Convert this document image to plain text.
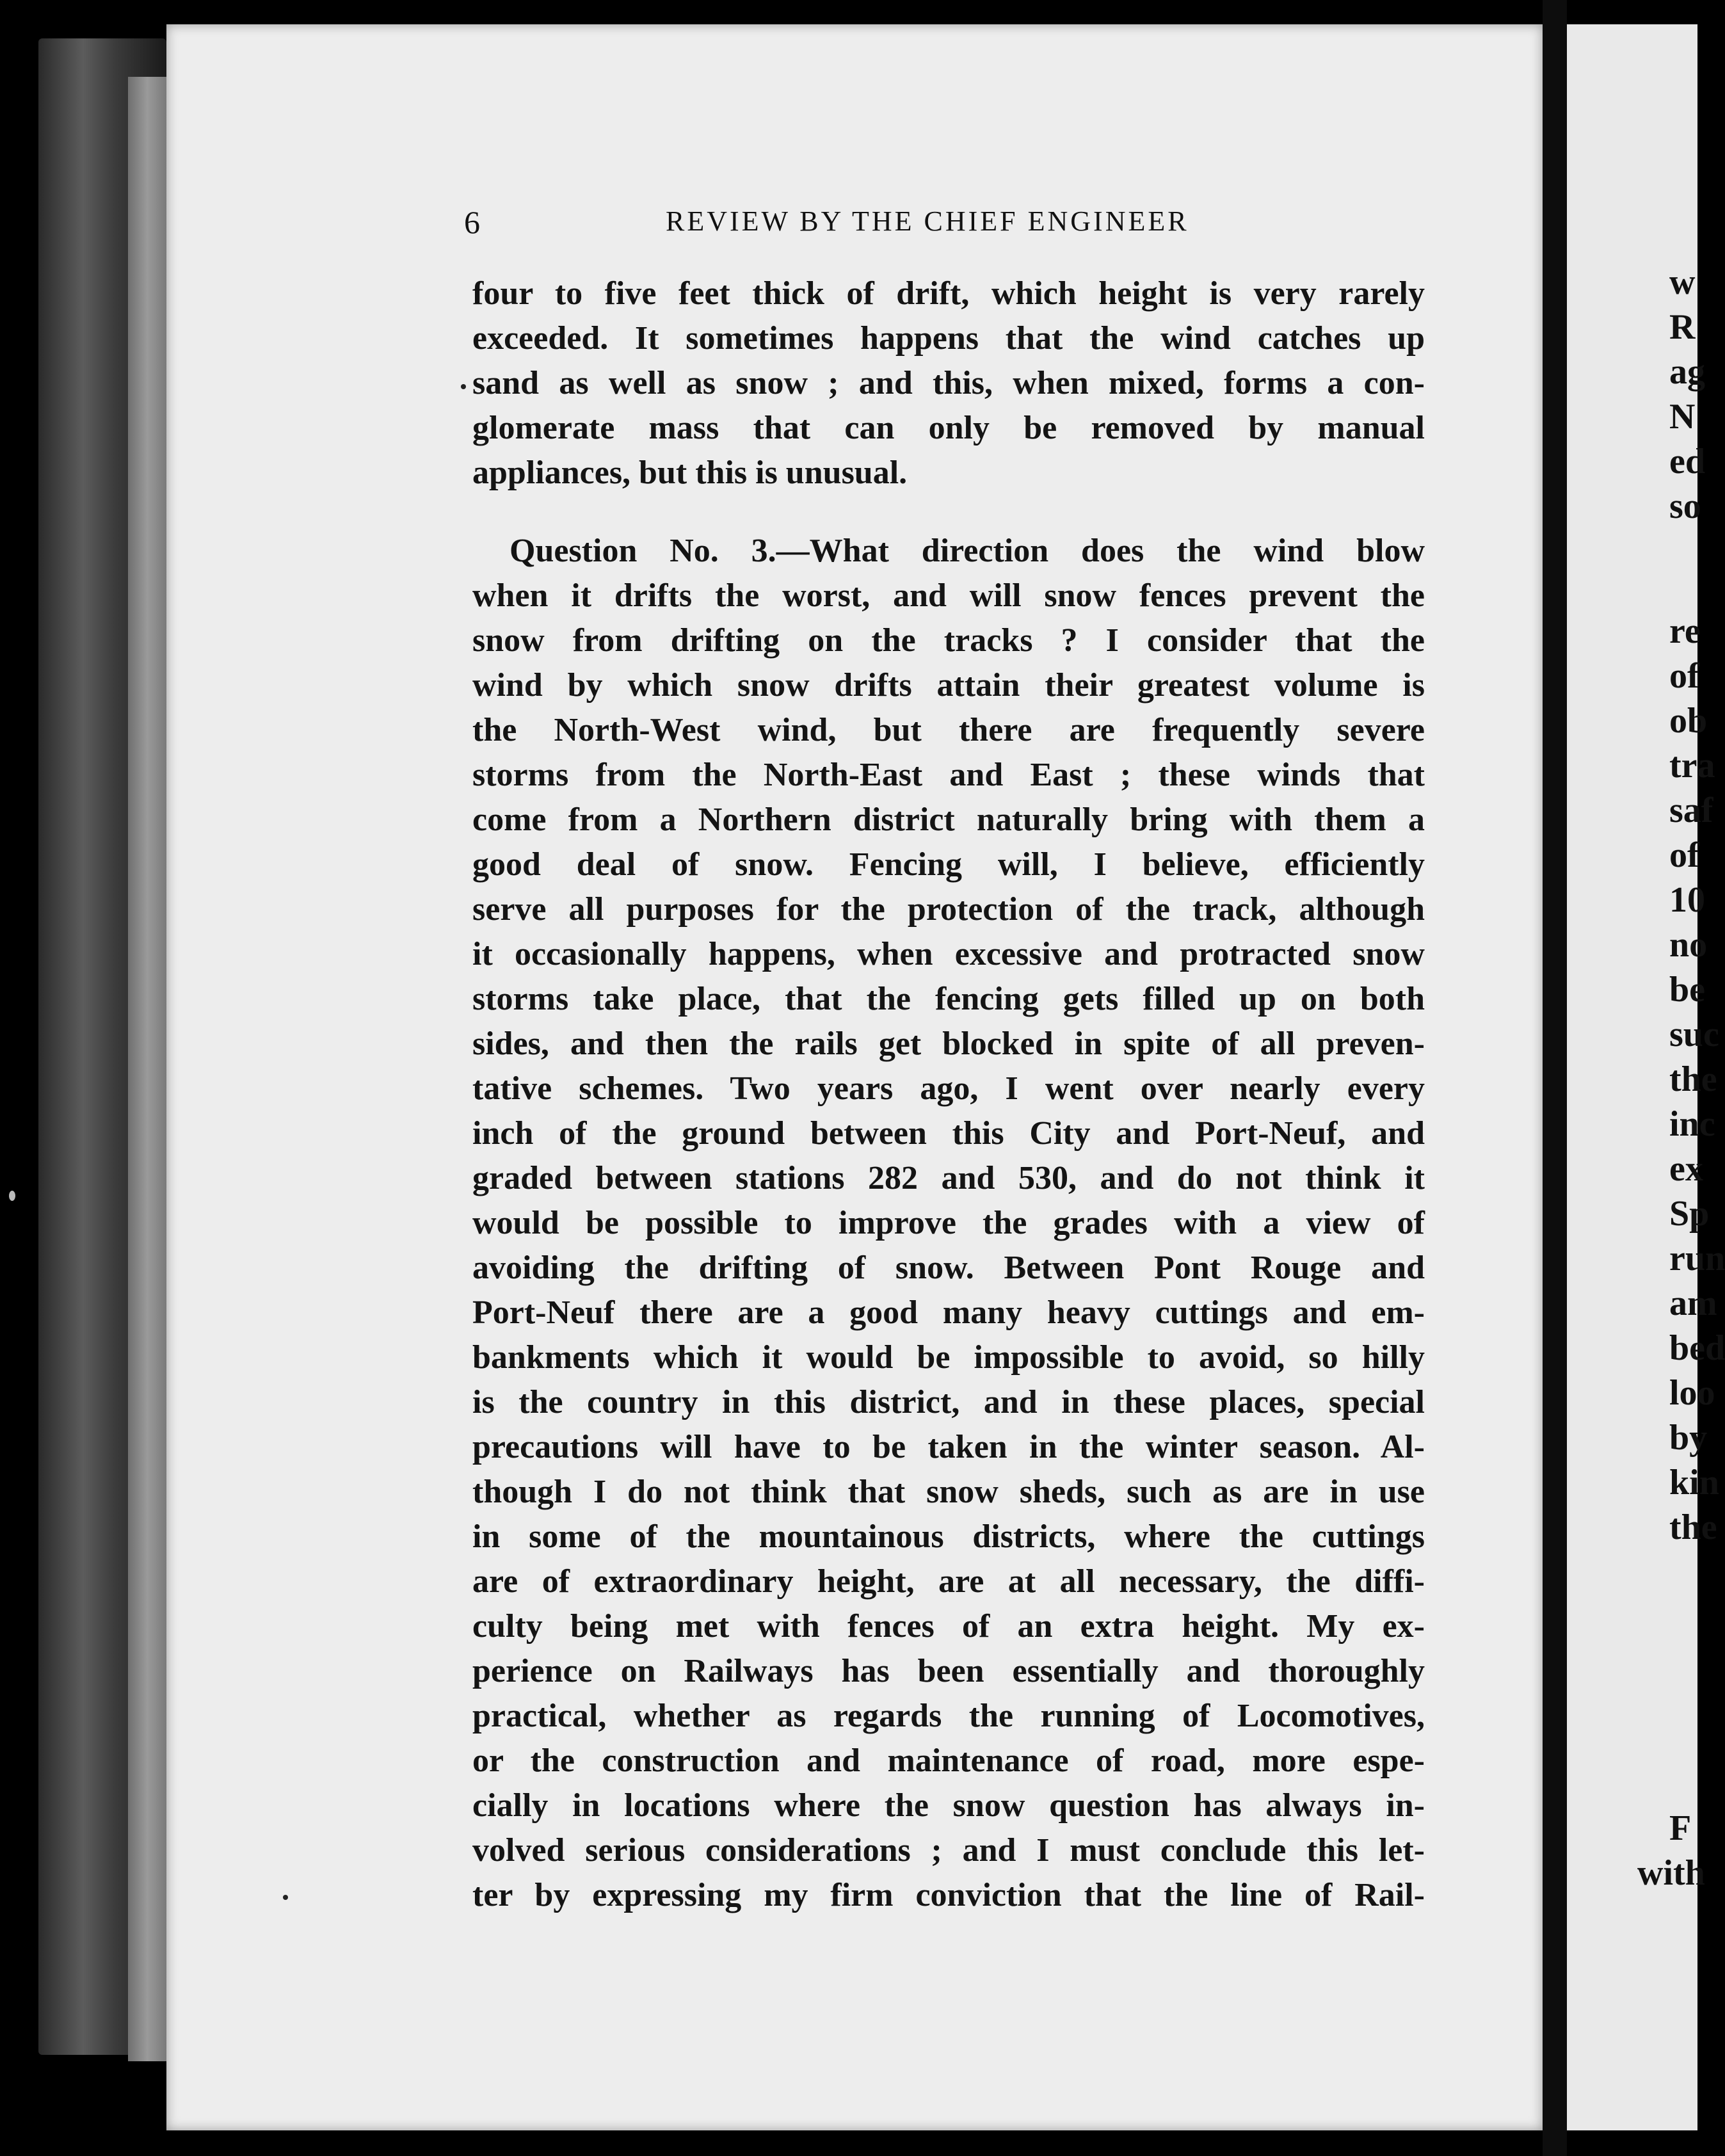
6	REVIEW BY THE CHIEF ENGINEER
four to five feet thick of drift, which height is very rarely
exceeded. It sometimes happens that the wind catches up
sand as well as snow ; and this, when mixed, forms a con-
glomerate mass that can only be removed by manual
appliances, but this is unusual.
Question No. 3.—What direction does the wind blow
when it drifts the worst, and will snow fences prevent the
snow from drifting on the tracks ? I consider that the
wind by which snow drifts attain their greatest volume is
the North-West wind, but there are frequently severe
storms from the North-East and East ; these winds that
come from a Northern district naturally bring with them a
good deal of snow. Fencing will, I believe, efficiently
serve all purposes for the protection of the track, although
it occasionally happens, when excessive and protracted snow
storms take place, that the fencing gets filled up on both
sides, and then the rails get blocked in spite of all preven-
tative schemes. Two years ago, I went over nearly every
inch of the ground between this City and Port-Neuf, and
graded between stations 282 and 530, and do not think it
would be possible to improve the grades with a view of
avoiding the drifting of snow. Between Pont Rouge and
Port-Neuf there are a good many heavy cuttings and em-
bankments which it would be impossible to avoid, so hilly
is the country in this district, and in these places, special
precautions will have to be taken in the winter season. Al-
though I do not think that snow sheds, such as are in use
in some of the mountainous districts, where the cuttings
are of extraordinary height, are at all necessary, the diffi-
culty being met with fences of an extra height. My ex-
perience on Railways has been essentially and thoroughly
practical, whether as regards the running of Locomotives,
or the construction and maintenance of road, more espe-
cially in locations where the snow question has always in-
volved serious considerations ; and I must conclude this let-
ter by expressing my firm conviction that the line of Rail-
w
R
ag
N
ed
so
re
of
ob
tra
saf
of
10
no
be
suc
the
inc
ex
Sp
run
am
bed
loo
by
kin
the
F
with
